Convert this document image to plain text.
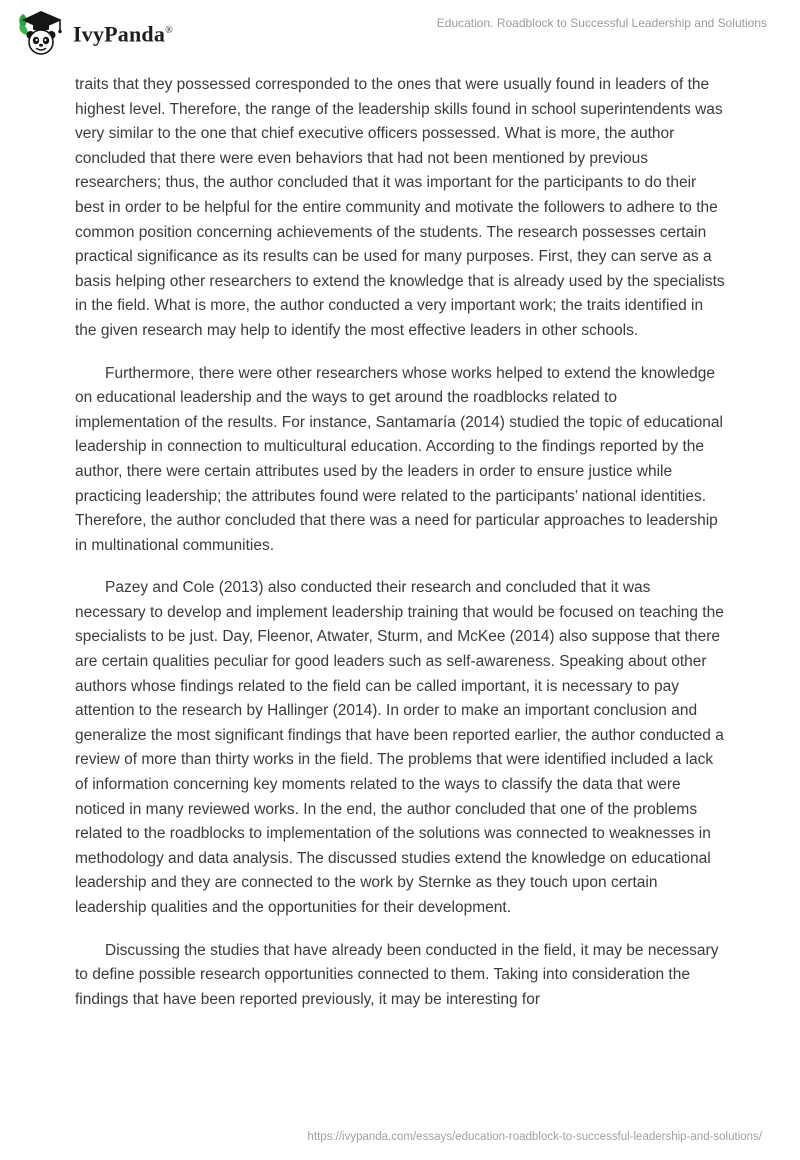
IvyPanda®
Education. Roadblock to Successful Leadership and Solutions

traits that they possessed corresponded to the ones that were usually found in leaders of the highest level. Therefore, the range of the leadership skills found in school superintendents was very similar to the one that chief executive officers possessed. What is more, the author concluded that there were even behaviors that had not been mentioned by previous researchers; thus, the author concluded that it was important for the participants to do their best in order to be helpful for the entire community and motivate the followers to adhere to the common position concerning achievements of the students. The research possesses certain practical significance as its results can be used for many purposes. First, they can serve as a basis helping other researchers to extend the knowledge that is already used by the specialists in the field. What is more, the author conducted a very important work; the traits identified in the given research may help to identify the most effective leaders in other schools.

Furthermore, there were other researchers whose works helped to extend the knowledge on educational leadership and the ways to get around the roadblocks related to implementation of the results. For instance, Santamaría (2014) studied the topic of educational leadership in connection to multicultural education. According to the findings reported by the author, there were certain attributes used by the leaders in order to ensure justice while practicing leadership; the attributes found were related to the participants’ national identities. Therefore, the author concluded that there was a need for particular approaches to leadership in multinational communities.

Pazey and Cole (2013) also conducted their research and concluded that it was necessary to develop and implement leadership training that would be focused on teaching the specialists to be just. Day, Fleenor, Atwater, Sturm, and McKee (2014) also suppose that there are certain qualities peculiar for good leaders such as self-awareness. Speaking about other authors whose findings related to the field can be called important, it is necessary to pay attention to the research by Hallinger (2014). In order to make an important conclusion and generalize the most significant findings that have been reported earlier, the author conducted a review of more than thirty works in the field. The problems that were identified included a lack of information concerning key moments related to the ways to classify the data that were noticed in many reviewed works. In the end, the author concluded that one of the problems related to the roadblocks to implementation of the solutions was connected to weaknesses in methodology and data analysis. The discussed studies extend the knowledge on educational leadership and they are connected to the work by Sternke as they touch upon certain leadership qualities and the opportunities for their development.

Discussing the studies that have already been conducted in the field, it may be necessary to define possible research opportunities connected to them. Taking into consideration the findings that have been reported previously, it may be interesting for

https://ivypanda.com/essays/education-roadblock-to-successful-leadership-and-solutions/
